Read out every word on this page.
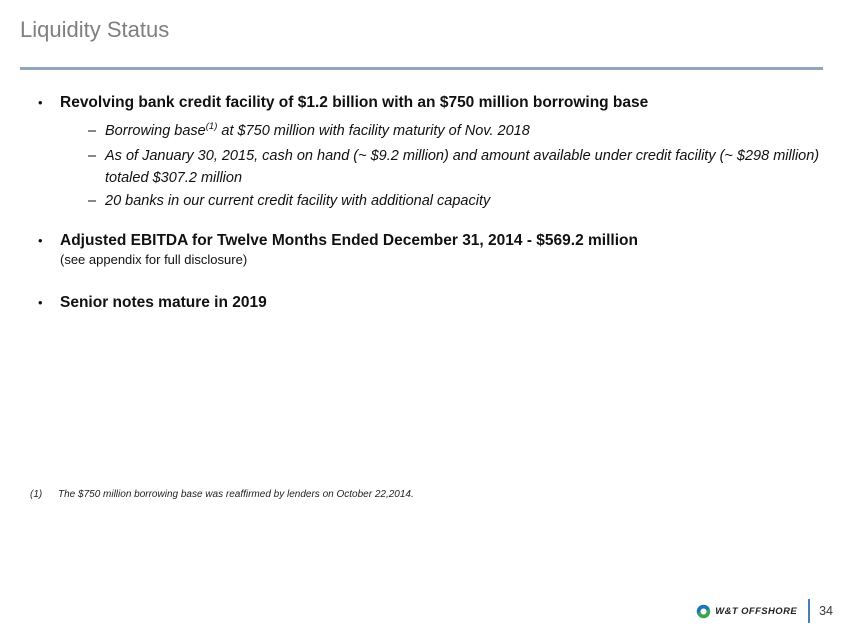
Liquidity Status
•	Revolving bank credit facility of $1.2 billion with an $750 million borrowing base
– Borrowing base$^{(1)}$ at $750 million with facility maturity of Nov. 2018
– As of January 30, 2015, cash on hand (~ $9.2 million) and amount available under credit facility (~ $298 million) totaled $307.2 million
– 20 banks in our current credit facility with additional capacity
•	Adjusted EBITDA for Twelve Months Ended December 31, 2014 - $569.2 million
(see appendix for full disclosure)
•	Senior notes mature in 2019
(1)	The $750 million borrowing base was reaffirmed by lenders on October 22,2014.
W&T OFFSHORE 34
